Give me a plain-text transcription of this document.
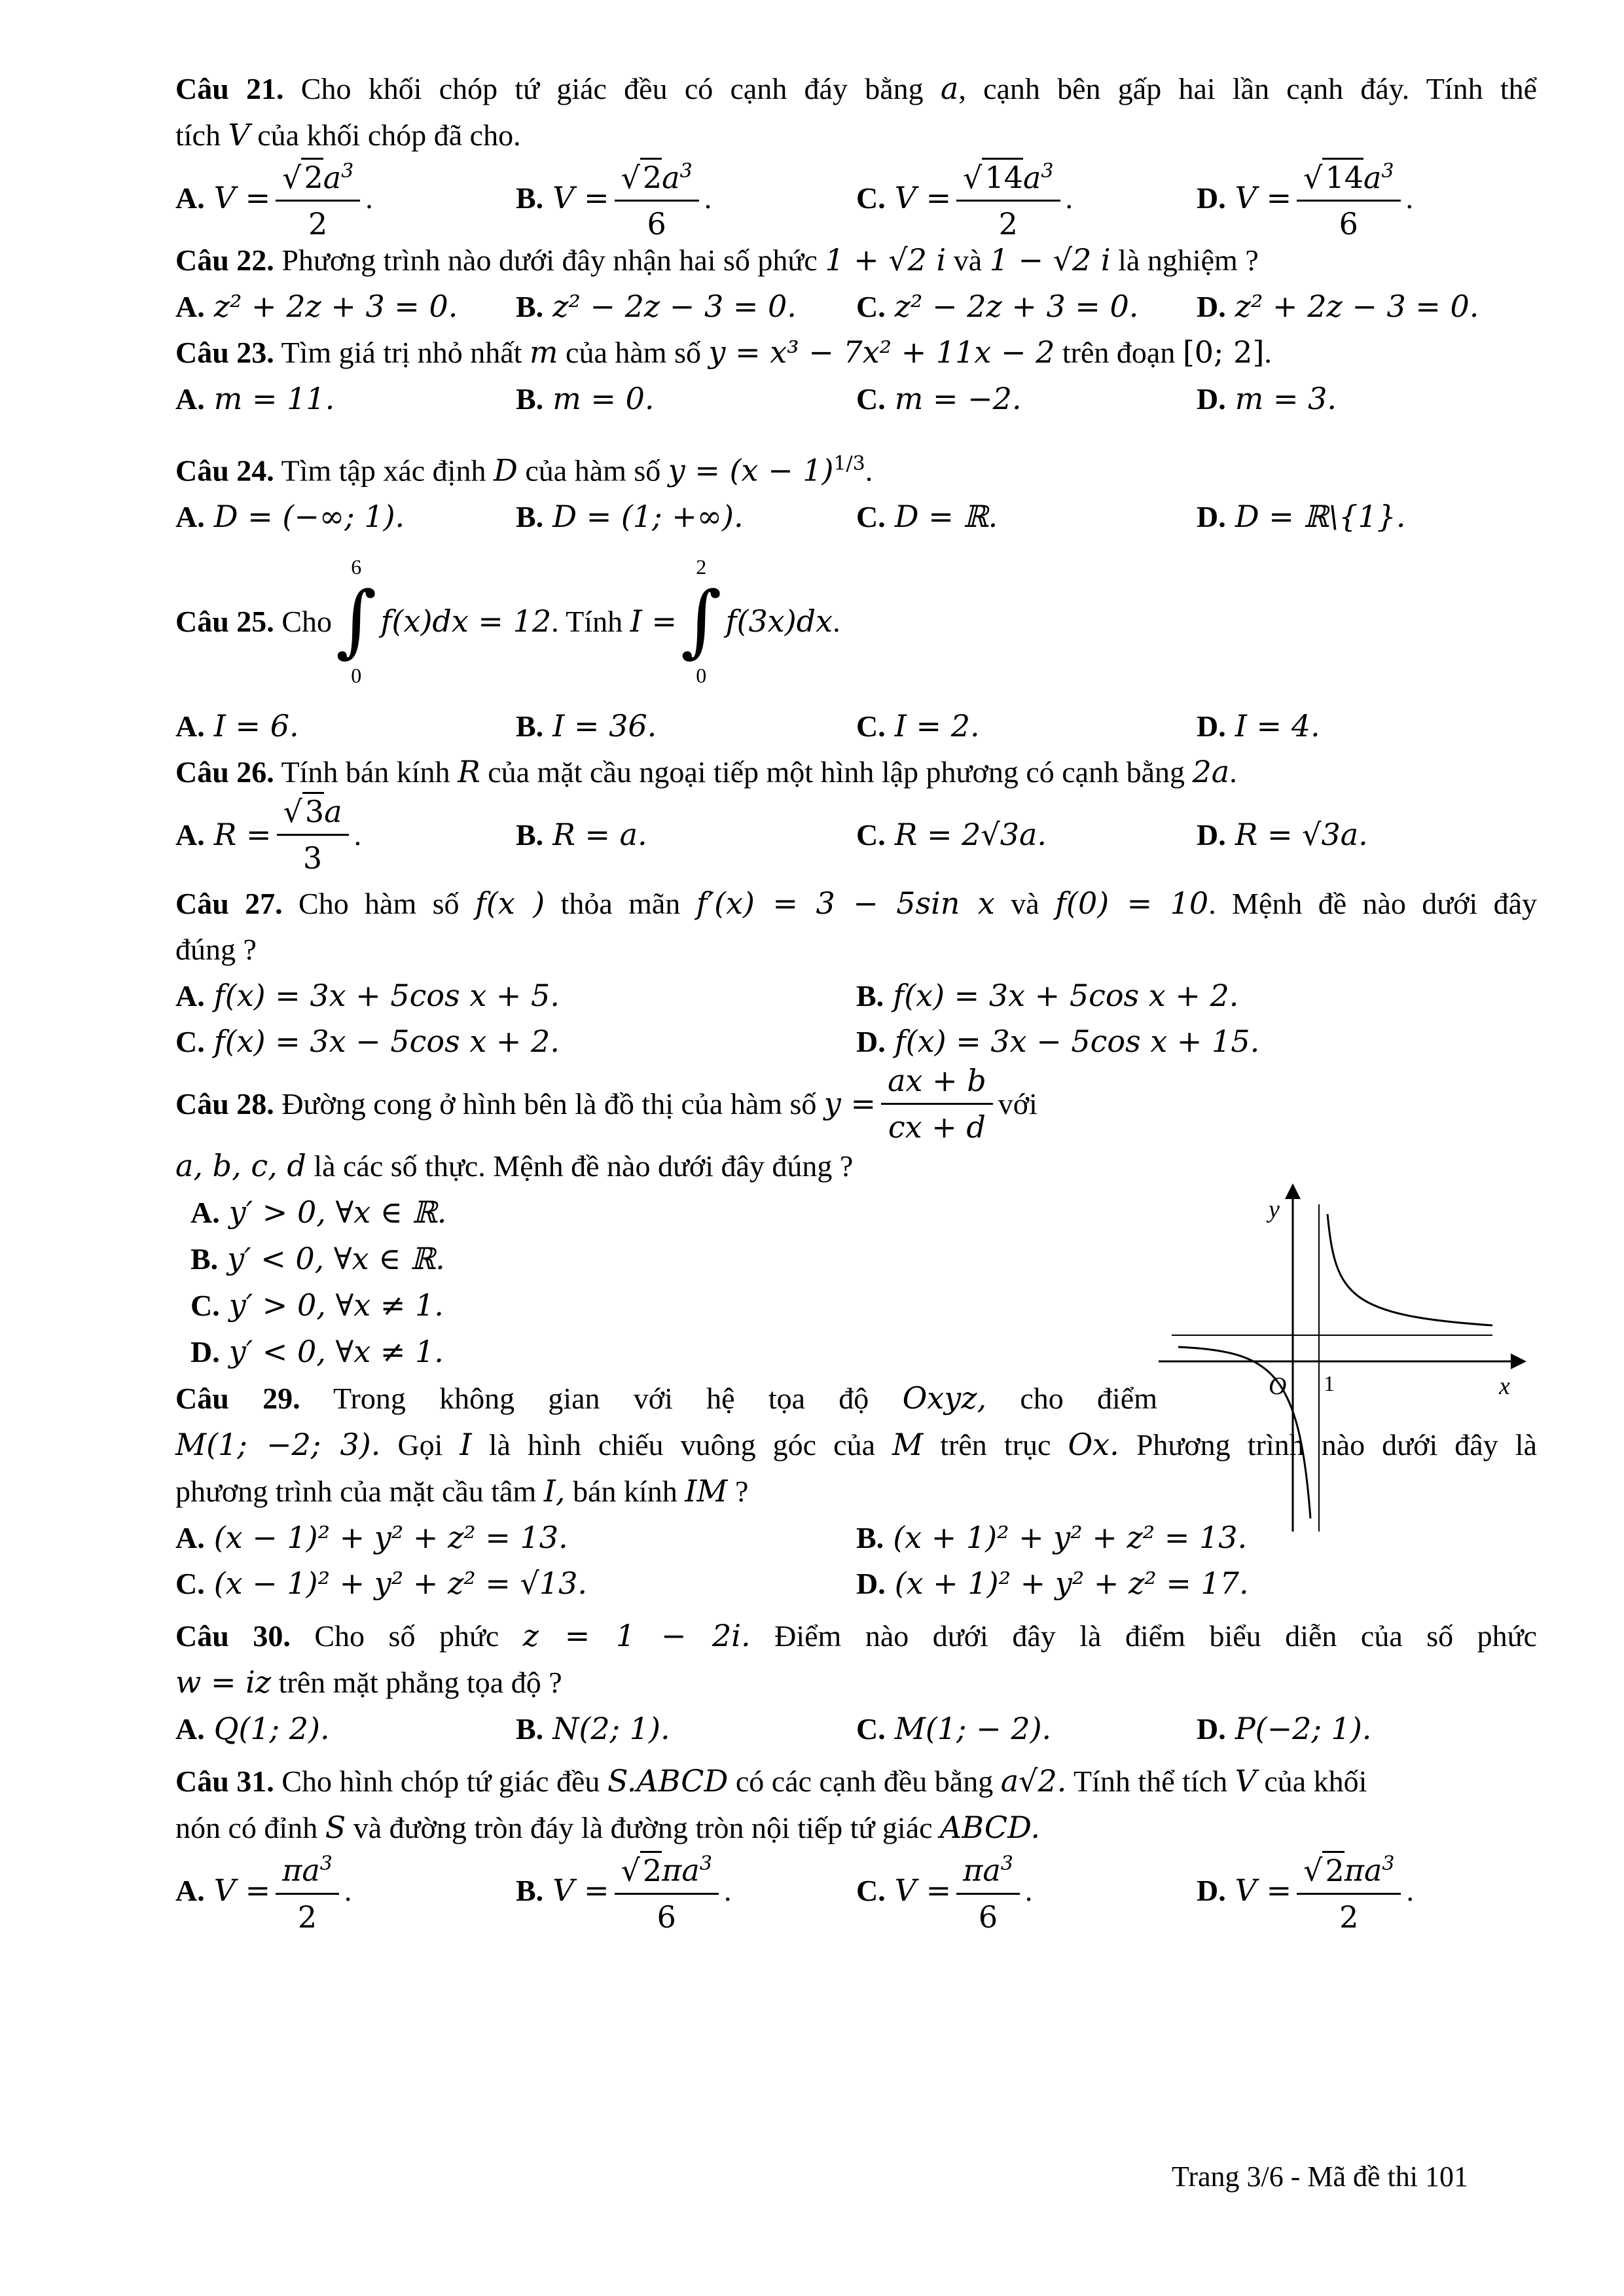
Câu 21. Cho khối chóp tứ giác đều có cạnh đáy bằng a, cạnh bên gấp hai lần cạnh đáy. Tính thể
tích V của khối chóp đã cho.
A. $V = \frac{√2a^3}{2}$ .	B. $V = \frac{√2a^3}{6}$ .	C. $V = \frac{√14a^3}{2}$ .	D. $V = \frac{√14a^3}{6}$ .
Câu 22. Phương trình nào dưới đây nhận hai số phức 1 + √2 i và 1 − √2 i là nghiệm ?
A. z² + 2z + 3 = 0. B. z² − 2z − 3 = 0. C. z² − 2z + 3 = 0. D. z² + 2z − 3 = 0.
Câu 23. Tìm giá trị nhỏ nhất m của hàm số y = x³ − 7x² + 11x − 2 trên đoạn [0; 2].
A. m = 11.	B. m = 0.	C. m = −2.	D. m = 3.
Câu 24. Tìm tập xác định D của hàm số $y = (x - 1)^{1/3}$.
A. D = (−∞; 1).	B. D = (1; +∞).	C. D = ℝ.	D. D = ℝ\{1}.
Câu 25.
Cho
6
∫
0
f(x)dx = 12 . Tính
I =
2
∫
0
f(3x)dx .
A. I = 6.	B. I = 36.	C. I = 2.	D. I = 4.
Câu 26. Tính bán kính R của mặt cầu ngoại tiếp một hình lập phương có cạnh bằng 2a.
A. $R = \frac{√3a}{3}$ .	B. R = a.	C. R = 2√3a.	D. R = √3a.
Câu 27. Cho hàm số f(x ) thỏa mãn f′(x) = 3 − 5sin x và f(0) = 10. Mệnh đề nào dưới đây
đúng ?
A. f(x) = 3x + 5cos x + 5.	B. f(x) = 3x + 5cos x + 2.
C. f(x) = 3x − 5cos x + 2.	D. f(x) = 3x − 5cos x + 15.
Câu 28.
Đường cong ở hình bên là đồ thị của hàm số
$y = \frac{ax + b}{cx + d}$ với
a, b, c, d là các số thực. Mệnh đề nào dưới đây đúng ?
A. y′ > 0, ∀x ∈ ℝ.
B. y′ < 0, ∀x ∈ ℝ.
C. y′ > 0, ∀x ≠ 1.
D. y′ < 0, ∀x ≠ 1.
Câu 29. Trong không gian với hệ tọa độ Oxyz, cho điểm
M(1; −2; 3). Gọi I là hình chiếu vuông góc của M trên trục Ox. Phương trình nào dưới đây là
phương trình của mặt cầu tâm I, bán kính IM ?
A. (x − 1)² + y² + z² = 13.	B. (x + 1)² + y² + z² = 13.
C. (x − 1)² + y² + z² = √13.	D. (x + 1)² + y² + z² = 17.
Câu 30. Cho số phức z = 1 − 2i. Điểm nào dưới đây là điểm biểu diễn của số phức
w = iz trên mặt phẳng tọa độ ?
A. Q(1; 2).	B. N(2; 1).	C. M(1; − 2).	D. P(−2; 1).
Câu 31. Cho hình chóp tứ giác đều S.ABCD có các cạnh đều bằng a√2. Tính thể tích V của khối
nón có đỉnh S và đường tròn đáy là đường tròn nội tiếp tứ giác ABCD.
A. $V = \frac{\pi a^3}{2}$ .	B. $V = \frac{√2\pi a^3}{6}$ .	C. $V = \frac{\pi a^3}{6}$ .	D. $V = \frac{√2\pi a^3}{2}$ .
y
x
O 1
Trang 3/6 - Mã đề thi 101
